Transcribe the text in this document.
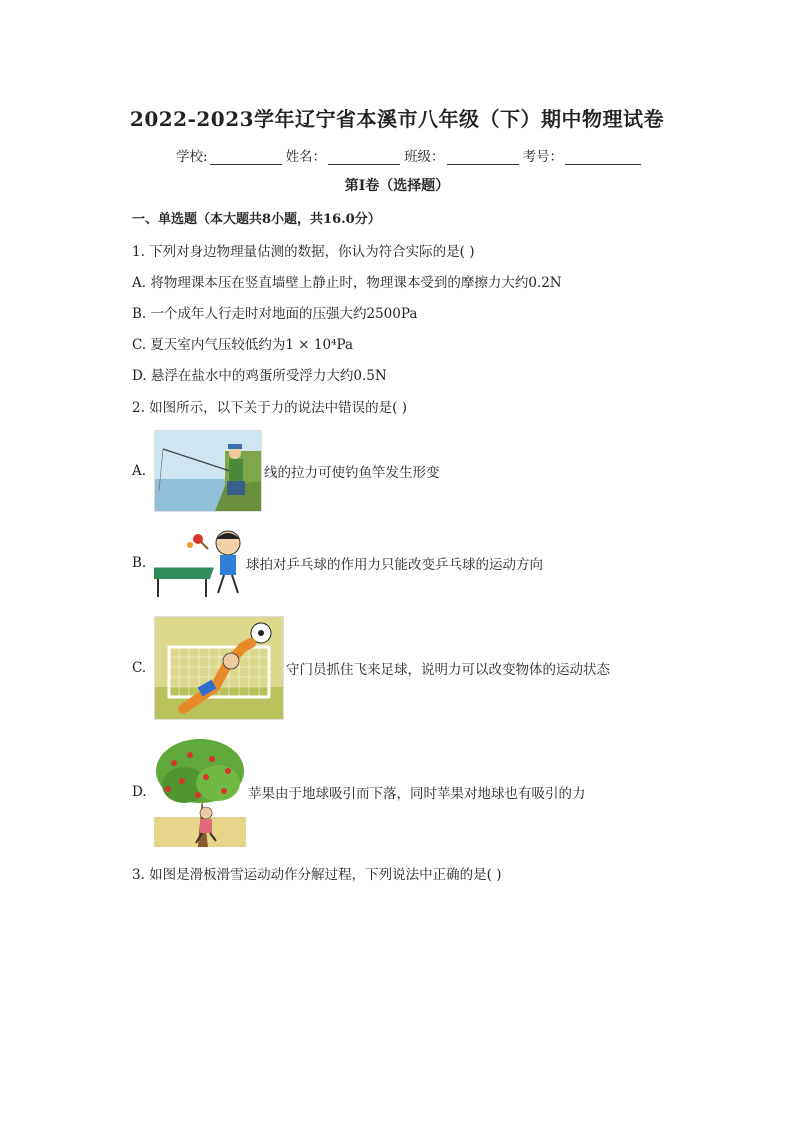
2022-2023学年辽宁省本溪市八年级（下）期中物理试卷
学校:	姓名：	班级：	考号：
第Ⅰ卷（选择题）
一、单选题（本大题共8小题，共16.0分）
1. 下列对身边物理量估测的数据，你认为符合实际的是( )
A. 将物理课本压在竖直墙壁上静止时，物理课本受到的摩擦力大约0.2N
B. 一个成年人行走时对地面的压强大约2500Pa
C. 夏天室内气压较低约为1 × 10⁴Pa
D. 悬浮在盐水中的鸡蛋所受浮力大约0.5N
2. 如图所示，以下关于力的说法中错误的是( )
A.	线的拉力可使钓鱼竿发生形变
B.	球拍对乒乓球的作用力只能改变乒乓球的运动方向
C.	守门员抓住飞来足球，说明力可以改变物体的运动状态
D.	苹果由于地球吸引而下落，同时苹果对地球也有吸引的力
3. 如图是滑板滑雪运动动作分解过程，下列说法中正确的是( )
